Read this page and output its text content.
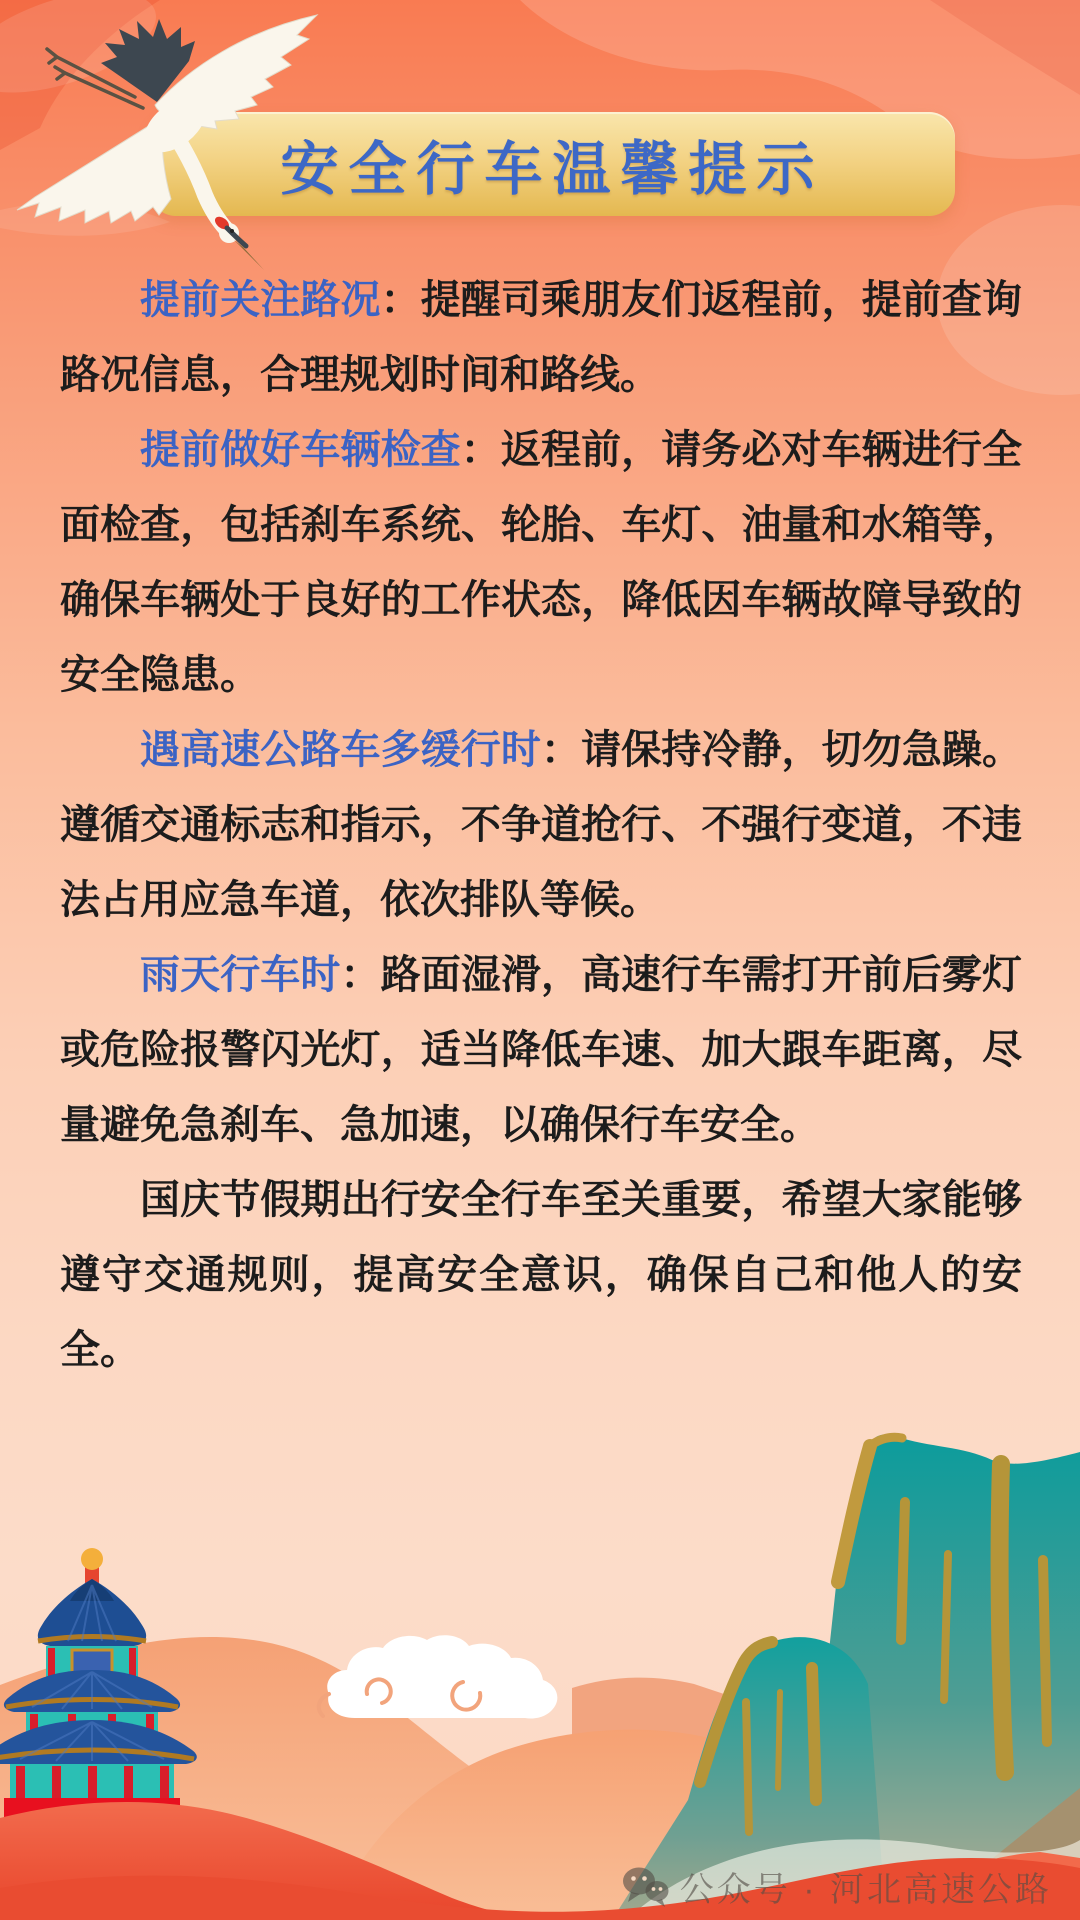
安全行车温馨提示

提前关注路况：提醒司乘朋友们返程前，提前查询路况信息，合理规划时间和路线。

提前做好车辆检查：返程前，请务必对车辆进行全面检查，包括刹车系统、轮胎、车灯、油量和水箱等，确保车辆处于良好的工作状态，降低因车辆故障导致的安全隐患。

遇高速公路车多缓行时：请保持冷静，切勿急躁。遵循交通标志和指示，不争道抢行、不强行变道，不违法占用应急车道，依次排队等候。

雨天行车时：路面湿滑，高速行车需打开前后雾灯或危险报警闪光灯，适当降低车速、加大跟车距离，尽量避免急刹车、急加速，以确保行车安全。

国庆节假期出行安全行车至关重要，希望大家能够遵守交通规则，提高安全意识，确保自己和他人的安全。

公众号 · 河北高速公路
